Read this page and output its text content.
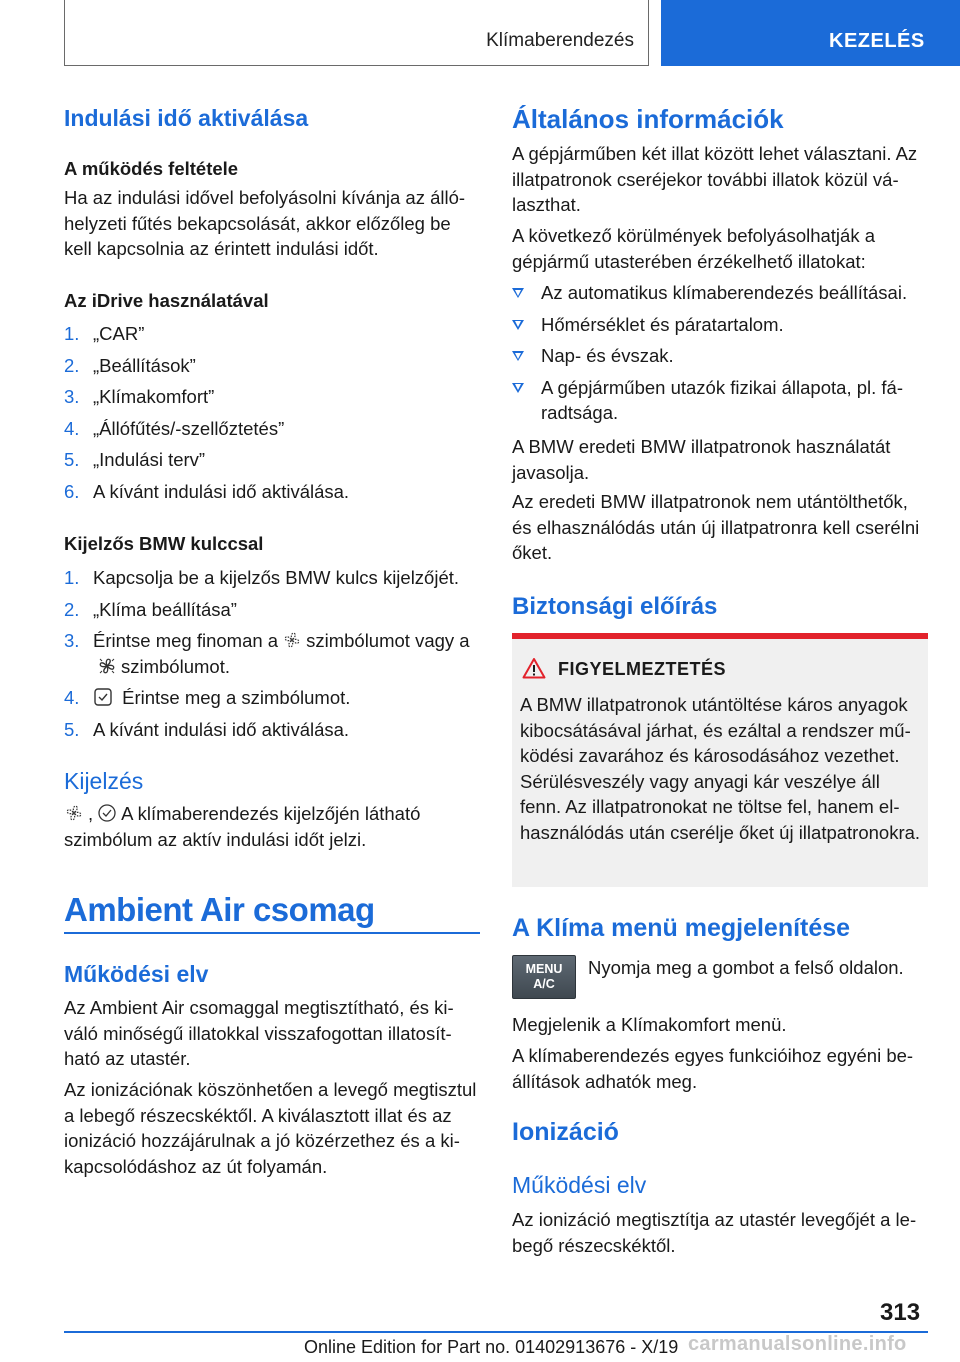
Klímaberendezés	KEZELÉS
Indulási idő aktiválása
A működés feltétele
Ha az indulási idővel befolyásolni kívánja az állóhelyzeti fűtés bekapcsolását, akkor előzőleg be kell kapcsolnia az érintett indulási időt.
Az iDrive használatával
1. „CAR”
2. „Beállítások”
3. „Klímakomfort”
4. „Állófűtés/-szellőztetés”
5. „Indulási terv”
6. A kívánt indulási idő aktiválása.
Kijelzős BMW kulccsal
1. Kapcsolja be a kijelzős BMW kulcs kijelzőjét.
2. „Klíma beállítása”
3. Érintse meg finoman a szimbólumot vagy a szimbólumot.
4. Érintse meg a szimbólumot.
5. A kívánt indulási idő aktiválása.
Kijelzés
, A klímaberendezés kijelzőjén látható szimbólum az aktív indulási időt jelzi.
Ambient Air csomag
Működési elv
Az Ambient Air csomaggal megtisztítható, és kiváló minőségű illatokkal visszafogottan illatosítható az utastér.
Az ionizációnak köszönhetően a levegő megtisztul a lebegő részecskéktől. A kiválasztott illat és az ionizáció hozzájárulnak a jó közérzethez és a kikapcsolódáshoz az út folyamán.
Általános információk
A gépjárműben két illat között lehet választani. Az illatpatronok cseréjekor további illatok közül választhat.
A következő körülmények befolyásolhatják a gépjármű utasterében érzékelhető illatokat:
Az automatikus klímaberendezés beállításai.
Hőmérséklet és páratartalom.
Nap- és évszak.
A gépjárműben utazók fizikai állapota, pl. fáradtsága.
A BMW eredeti BMW illatpatronok használatát javasolja.
Az eredeti BMW illatpatronok nem utántölthetők, és elhasználódás után új illatpatronra kell cserélni őket.
Biztonsági előírás
FIGYELMEZTETÉS
A BMW illatpatronok utántöltése káros anyagok kibocsátásával járhat, és ezáltal a rendszer működési zavarához és károsodásához vezethet. Sérülésveszély vagy anyagi kár veszélye áll fenn. Az illatpatronokat ne töltse fel, hanem elhasználódás után cserélje őket új illatpatronokra.
A Klíma menü megjelenítése
MENU
A/C
Nyomja meg a gombot a felső oldalon.
Megjelenik a Klímakomfort menü.
A klímaberendezés egyes funkcióihoz egyéni beállítások adhatók meg.
Ionizáció
Működési elv
Az ionizáció megtisztítja az utastér levegőjét a lebegő részecskéktől.
313
Online Edition for Part no. 01402913676 - X/19 carmanualsonline.info
